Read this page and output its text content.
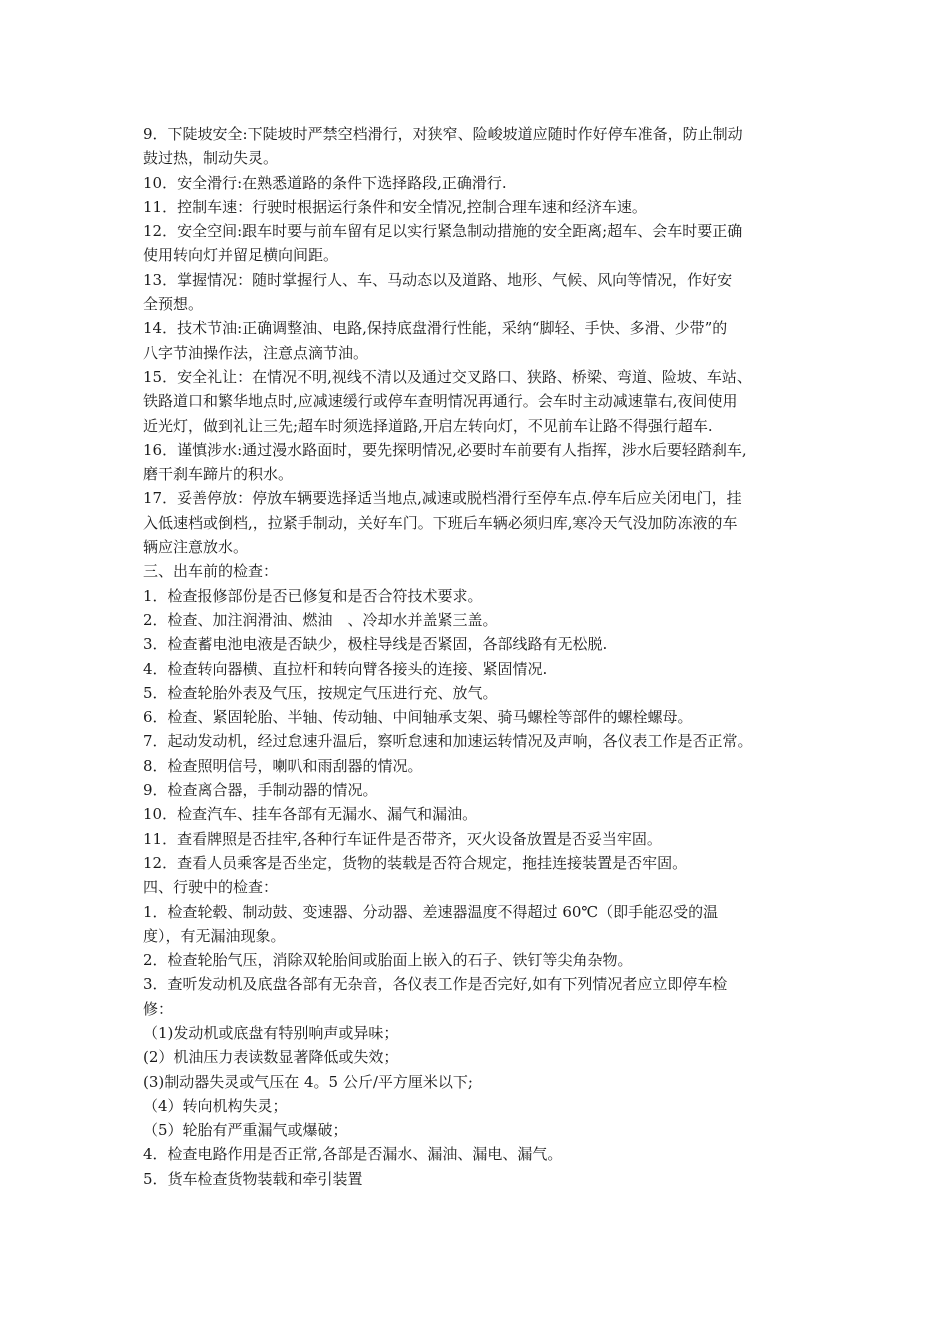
9．下陡坡安全:下陡坡时严禁空档滑行，对狭窄、险峻坡道应随时作好停车准备，防止制动
鼓过热，制动失灵。
10．安全滑行:在熟悉道路的条件下选择路段,正确滑行.
11．控制车速：行驶时根据运行条件和安全情况,控制合理车速和经济车速。
12．安全空间:跟车时要与前车留有足以实行紧急制动措施的安全距离;超车、会车时要正确
使用转向灯并留足横向间距。
13．掌握情况：随时掌握行人、车、马动态以及道路、地形、气候、风向等情况，作好安
全预想。
14．技术节油:正确调整油、电路,保持底盘滑行性能，采纳“脚轻、手快、多滑、少带”的
八字节油操作法，注意点滴节油。
15．安全礼让：在情况不明,视线不清以及通过交叉路口、狭路、桥梁、弯道、险坡、车站、
铁路道口和繁华地点时,应减速缓行或停车查明情况再通行。会车时主动减速靠右,夜间使用
近光灯，做到礼让三先;超车时须选择道路,开启左转向灯，不见前车让路不得强行超车.
16．谨慎涉水:通过漫水路面时，要先探明情况,必要时车前要有人指挥，涉水后要轻踏刹车,
磨干刹车蹄片的积水。
17．妥善停放：停放车辆要选择适当地点,减速或脱档滑行至停车点.停车后应关闭电门，挂
入低速档或倒档,，拉紧手制动，关好车门。下班后车辆必须归库,寒冷天气没加防冻液的车
辆应注意放水。
三、出车前的检查：
1．检查报修部份是否已修复和是否合符技术要求。
2．检查、加注润滑油、燃油　、冷却水并盖紧三盖。
3．检查蓄电池电液是否缺少，极柱导线是否紧固，各部线路有无松脱.
4．检查转向器横、直拉杆和转向臂各接头的连接、紧固情况.
5．检查轮胎外表及气压，按规定气压进行充、放气。
6．检查、紧固轮胎、半轴、传动轴、中间轴承支架、骑马螺栓等部件的螺栓螺母。
7．起动发动机，经过怠速升温后，察听怠速和加速运转情况及声响，各仪表工作是否正常。
8．检查照明信号，喇叭和雨刮器的情况。
9．检查离合器，手制动器的情况。
10．检查汽车、挂车各部有无漏水、漏气和漏油。
11．查看牌照是否挂牢,各种行车证件是否带齐，灭火设备放置是否妥当牢固。
12．查看人员乘客是否坐定，货物的装载是否符合规定，拖挂连接装置是否牢固。
四、行驶中的检查：
1．检查轮毂、制动鼓、变速器、分动器、差速器温度不得超过 60℃（即手能忍受的温
度），有无漏油现象。
2．检查轮胎气压，消除双轮胎间或胎面上嵌入的石子、铁钉等尖角杂物。
3．查听发动机及底盘各部有无杂音，各仪表工作是否完好,如有下列情况者应立即停车检
修：
（1)发动机或底盘有特别响声或异味；
(2）机油压力表读数显著降低或失效；
(3)制动器失灵或气压在 4。5 公斤/平方厘米以下;
（4）转向机构失灵；
（5）轮胎有严重漏气或爆破；
4．检查电路作用是否正常,各部是否漏水、漏油、漏电、漏气。
5．货车检查货物装载和牵引装置
